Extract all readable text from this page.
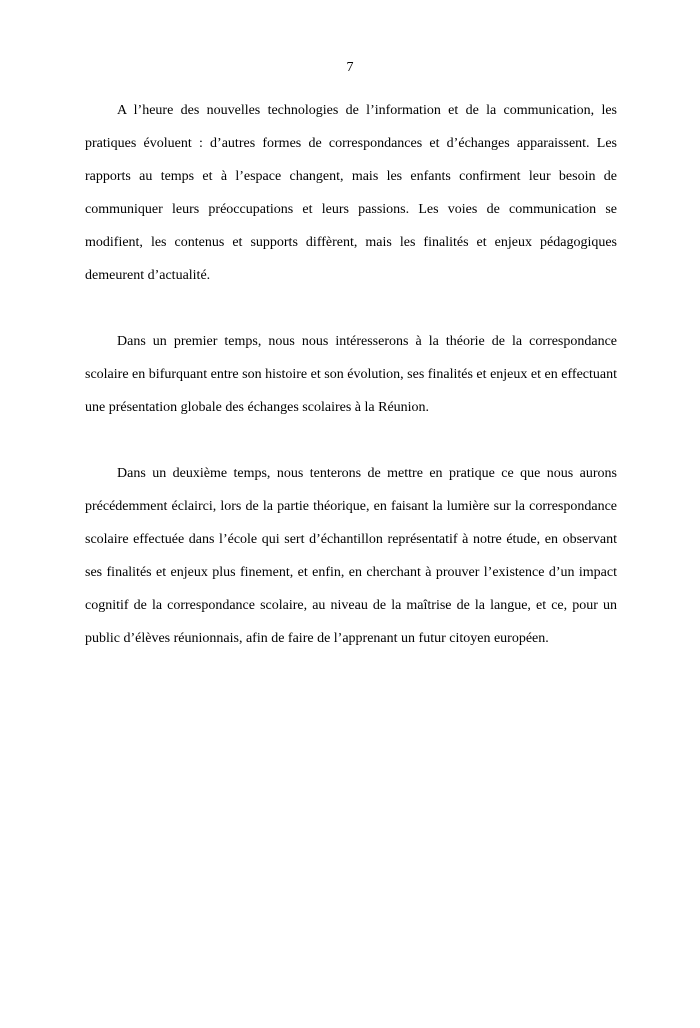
7

A l’heure des nouvelles technologies de l’information et de la communication, les pratiques évoluent : d’autres formes de correspondances et d’échanges apparaissent. Les rapports au temps et à l’espace changent, mais les enfants confirment leur besoin de communiquer leurs préoccupations et leurs passions. Les voies de communication se modifient, les contenus et supports diffèrent, mais les finalités et enjeux pédagogiques demeurent d’actualité.

Dans un premier temps, nous nous intéresserons à la théorie de la correspondance scolaire en bifurquant entre son histoire et son évolution, ses finalités et enjeux et en effectuant une présentation globale des échanges scolaires à la Réunion.

Dans un deuxième temps, nous tenterons de mettre en pratique ce que nous aurons précédemment éclairci, lors de la partie théorique, en faisant la lumière sur la correspondance scolaire effectuée dans l’école qui sert d’échantillon représentatif à notre étude, en observant ses finalités et enjeux plus finement, et enfin, en cherchant à prouver l’existence d’un impact cognitif de la correspondance scolaire, au niveau de la maîtrise de la langue, et ce, pour un public d’élèves réunionnais, afin de faire de l’apprenant un futur citoyen européen.
